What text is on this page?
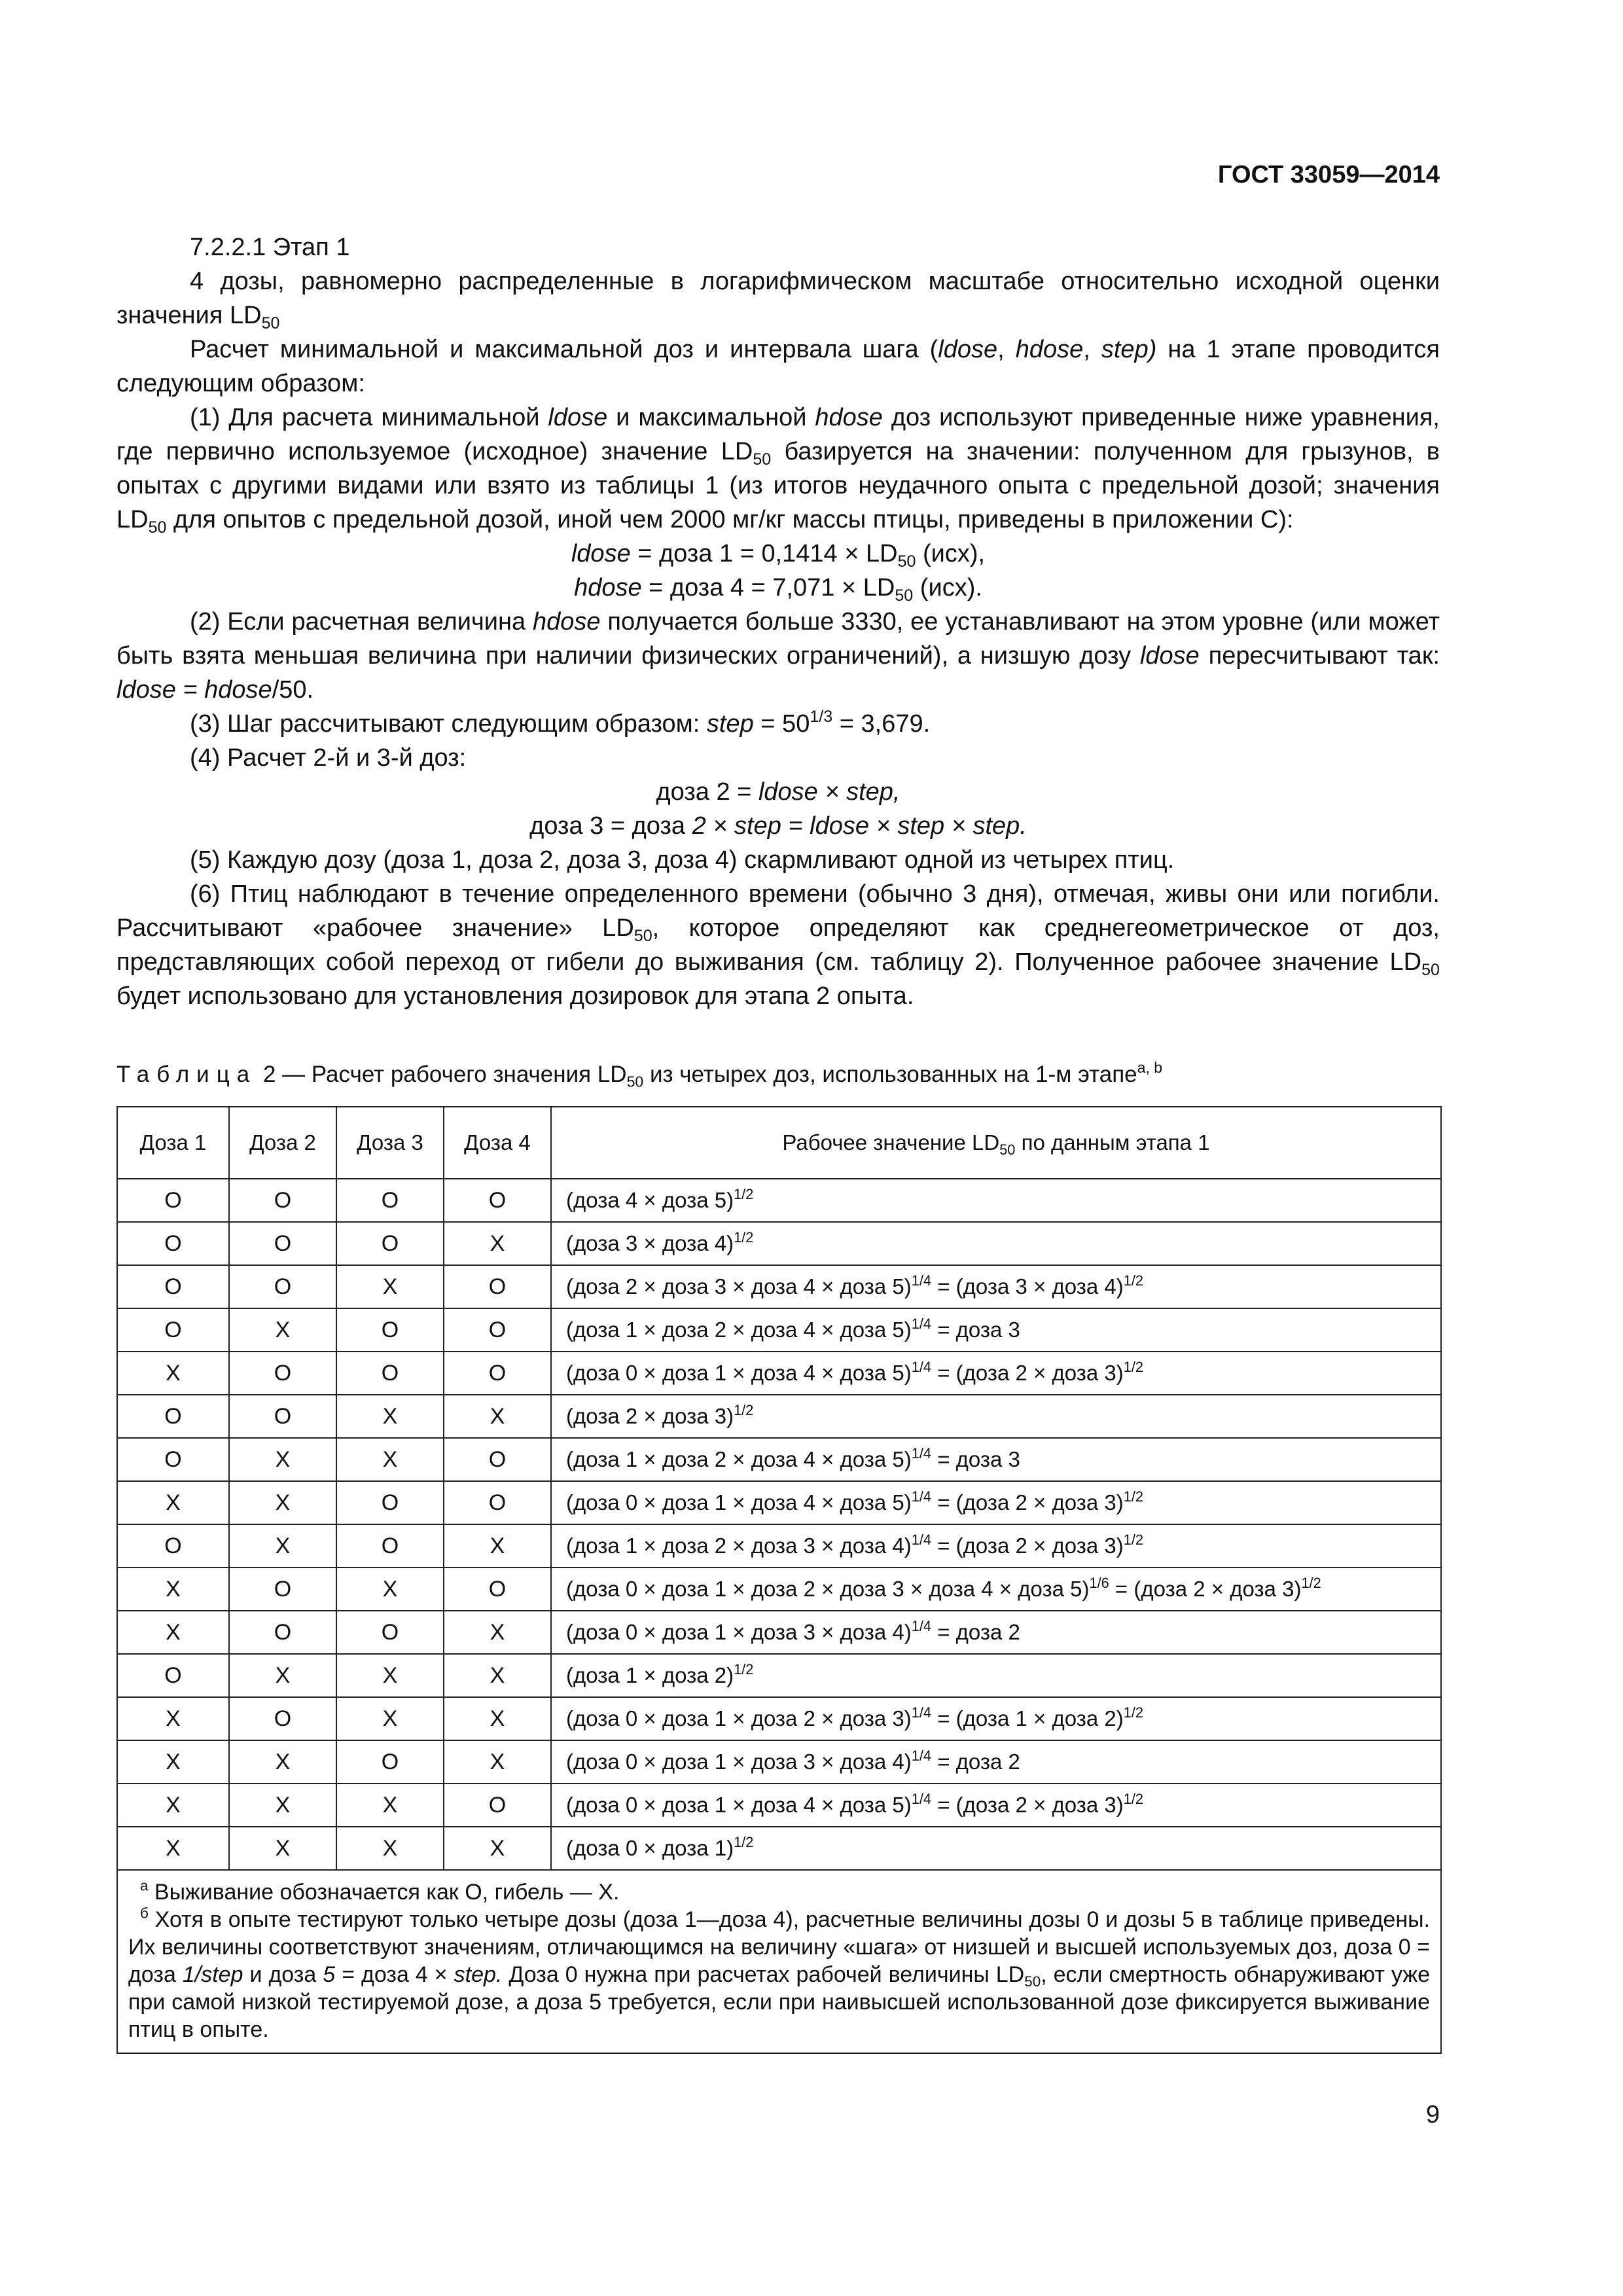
ГОСТ 33059—2014

7.2.2.1 Этап 1

4 дозы, равномерно распределенные в логарифмическом масштабе относительно исходной оценки значения $LD_{50}$

Расчет минимальной и максимальной доз и интервала шага (ldose, hdose, step) на 1 этапе проводится следующим образом:

(1) Для расчета минимальной ldose и максимальной hdose доз используют приведенные ниже уравнения, где первично используемое (исходное) значение $LD_{50}$ базируется на значении: полученном для грызунов, в опытах с другими видами или взято из таблицы 1 (из итогов неудачного опыта с предельной дозой; значения $LD_{50}$ для опытов с предельной дозой, иной чем 2000 мг/кг массы птицы, приведены в приложении С):

ldose = доза $1 = 0,1414 \times LD_{50}$ (исх),

hdose = доза $4 = 7,071 \times LD_{50}$ (исх).

(2) Если расчетная величина hdose получается больше 3330, ее устанавливают на этом уровне (или может быть взята меньшая величина при наличии физических ограничений), а низшую дозу ldose пересчитывают так: ldose = hdose/50.

(3) Шаг рассчитывают следующим образом: step = $50^{1/3} = 3,679$.

(4) Расчет 2-й и 3-й доз:

доза 2 = ldose × step,

доза 3 = доза 2 × step = ldose × step × step.

(5) Каждую дозу (доза 1, доза 2, доза 3, доза 4) скармливают одной из четырех птиц.

(6) Птиц наблюдают в течение определенного времени (обычно 3 дня), отмечая, живы они или погибли. Рассчитывают «рабочее значение» $LD_{50}$, которое определяют как среднегеометрическое от доз, представляющих собой переход от гибели до выживания (см. таблицу 2). Полученное рабочее значение $LD_{50}$ будет использовано для установления дозировок для этапа 2 опыта.

Таблица 2 — Расчет рабочего значения $LD_{50}$ из четырех доз, использованных на 1-м этапе$^{a, b}$
Доза 1	Доза 2	Доза 3	Доза 4	Рабочее значение $LD_{50}$ по данным этапа 1
O	O	O	O	(доза 4 × доза 5)$^{1/2}$
O	O	O	X	(доза 3 × доза 4)$^{1/2}$
O	O	X	O	(доза 2 × доза 3 × доза 4 × доза 5)$^{1/4}$ = (доза 3 × доза 4)$^{1/2}$
O	X	O	O	(доза 1 × доза 2 × доза 4 × доза 5)$^{1/4}$ = доза 3
X	O	O	O	(доза 0 × доза 1 × доза 4 × доза 5)$^{1/4}$ = (доза 2 × доза 3)$^{1/2}$
O	O	X	X	(доза 2 × доза 3)$^{1/2}$
O	X	X	O	(доза 1 × доза 2 × доза 4 × доза 5)$^{1/4}$ = доза 3
X	X	O	O	(доза 0 × доза 1 × доза 4 × доза 5)$^{1/4}$ = (доза 2 × доза 3)$^{1/2}$
O	X	O	X	(доза 1 × доза 2 × доза 3 × доза 4)$^{1/4}$ = (доза 2 × доза 3)$^{1/2}$
X	O	X	O	(доза 0 × доза 1 × доза 2 × доза 3 × доза 4 × доза 5)$^{1/6}$ = (доза 2 × доза 3)$^{1/2}$
X	O	O	X	(доза 0 × доза 1 × доза 3 × доза 4)$^{1/4}$ = доза 2
O	X	X	X	(доза 1 × доза 2)$^{1/2}$
X	O	X	X	(доза 0 × доза 1 × доза 2 × доза 3)$^{1/4}$ = (доза 1 × доза 2)$^{1/2}$
X	X	O	X	(доза 0 × доза 1 × доза 3 × доза 4)$^{1/4}$ = доза 2
X	X	X	O	(доза 0 × доза 1 × доза 4 × доза 5)$^{1/4}$ = (доза 2 × доза 3)$^{1/2}$
X	X	X	X	(доза 0 × доза 1)$^{1/2}$

$^а$ Выживание обозначается как О, гибель — X.

$^б$ Хотя в опыте тестируют только четыре дозы (доза 1—доза 4), расчетные величины дозы 0 и дозы 5 в таблице приведены. Их величины соответствуют значениям, отличающимся на величину «шага» от низшей и высшей используемых доз, доза 0 = доза 1/step и доза 5 = доза 4 × step. Доза 0 нужна при расчетах рабочей величины $LD_{50}$, если смертность обнаруживают уже при самой низкой тестируемой дозе, а доза 5 требуется, если при наивысшей использованной дозе фиксируется выживание птиц в опыте.				

9
